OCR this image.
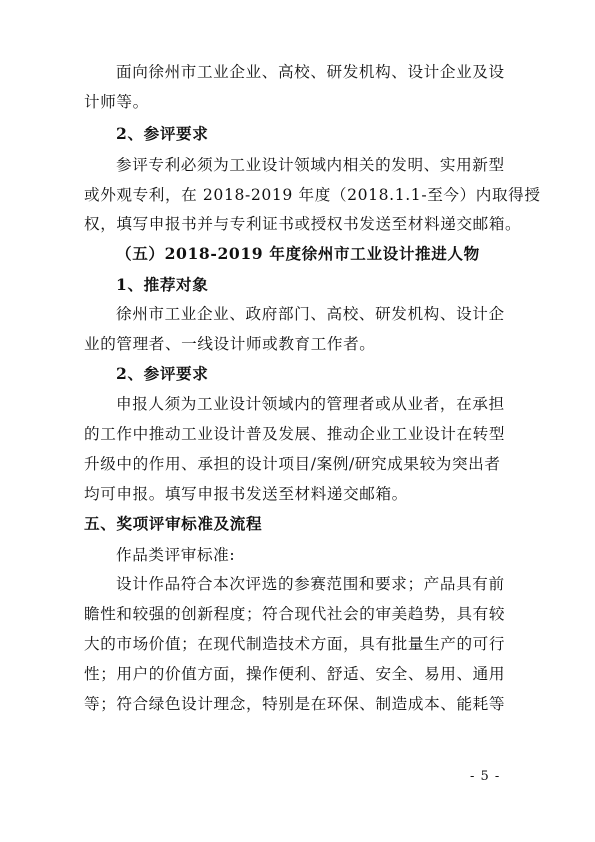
面向徐州市工业企业、高校、研发机构、设计企业及设
计师等。
2、参评要求
参评专利必须为工业设计领域内相关的发明、实用新型
或外观专利，在 2018-2019 年度（2018.1.1-至今）内取得授
权，填写申报书并与专利证书或授权书发送至材料递交邮箱。
（五）2018-2019 年度徐州市工业设计推进人物
1、推荐对象
徐州市工业企业、政府部门、高校、研发机构、设计企
业的管理者、一线设计师或教育工作者。
2、参评要求
申报人须为工业设计领域内的管理者或从业者，在承担
的工作中推动工业设计普及发展、推动企业工业设计在转型
升级中的作用、承担的设计项目/案例/研究成果较为突出者
均可申报。填写申报书发送至材料递交邮箱。
五、奖项评审标准及流程
作品类评审标准:
设计作品符合本次评选的参赛范围和要求；产品具有前
瞻性和较强的创新程度；符合现代社会的审美趋势，具有较
大的市场价值；在现代制造技术方面，具有批量生产的可行
性；用户的价值方面，操作便利、舒适、安全、易用、通用
等；符合绿色设计理念，特别是在环保、制造成本、能耗等
- 5 -
